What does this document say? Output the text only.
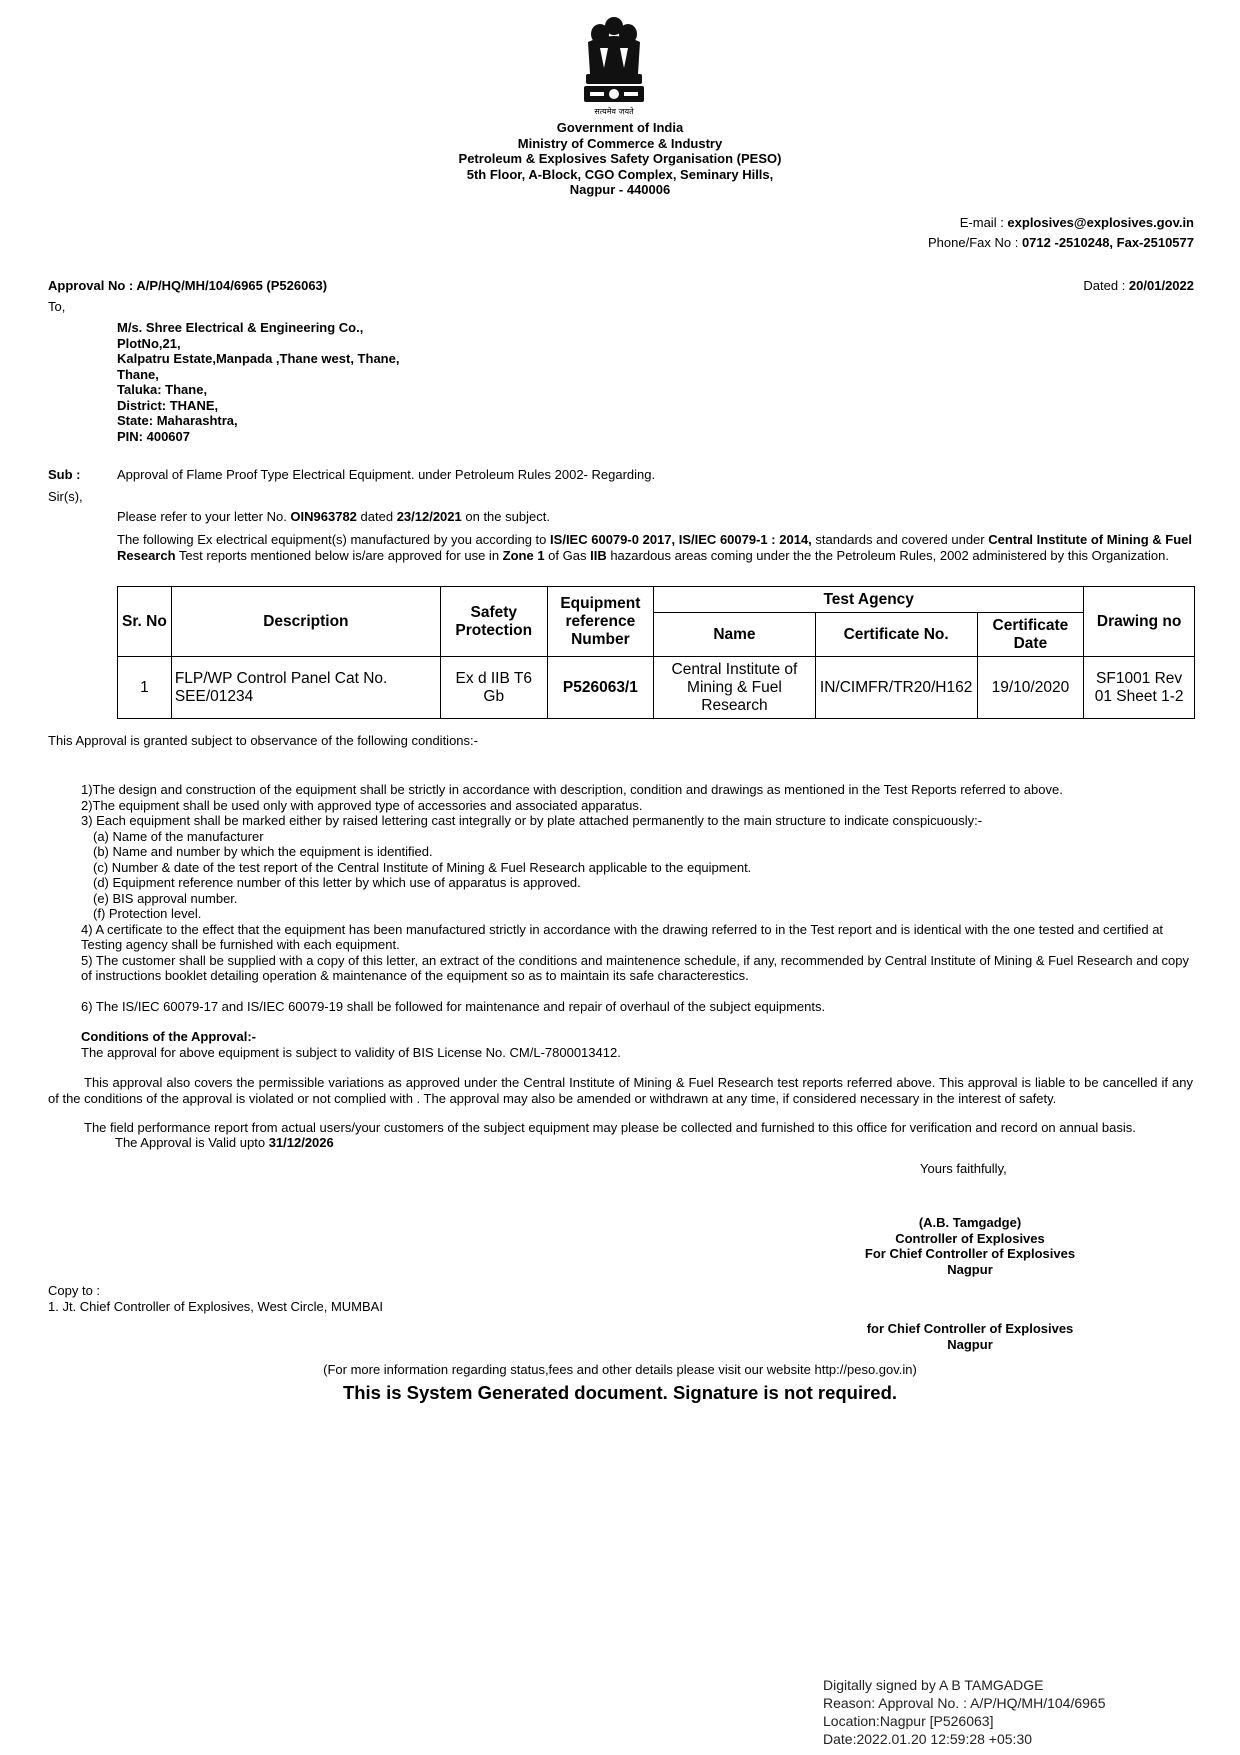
सत्यमेव जयते
Government of India
Ministry of Commerce & Industry
Petroleum & Explosives Safety Organisation (PESO)
5th Floor, A-Block, CGO Complex, Seminary Hills,
Nagpur - 440006
E-mail : explosives@explosives.gov.in
Phone/Fax No : 0712 -2510248, Fax-2510577
Approval No : A/P/HQ/MH/104/6965 (P526063)	Dated : 20/01/2022
To,
M/s. Shree Electrical & Engineering Co.,
PlotNo,21,
Kalpatru Estate,Manpada ,Thane west, Thane,
Thane,
Taluka: Thane,
District: THANE,
State: Maharashtra,
PIN: 400607
Sub :	Approval of Flame Proof Type Electrical Equipment. under Petroleum Rules 2002- Regarding.
Sir(s),
Please refer to your letter No. OIN963782 dated 23/12/2021 on the subject.
The following Ex electrical equipment(s) manufactured by you according to IS/IEC 60079-0 2017, IS/IEC 60079-1 : 2014, standards and covered under Central Institute of Mining & Fuel Research Test reports mentioned below is/are approved for use in Zone 1 of Gas IIB hazardous areas coming under the the Petroleum Rules, 2002 administered by this Organization.
Sr. No	Description	Safety Protection	Equipment reference Number	Test Agency			Drawing no
				Name	Certificate No.	Certificate Date	
1	FLP/WP Control Panel Cat No. SEE/01234	Ex d IIB T6 Gb	P526063/1	Central Institute of Mining & Fuel Research	IN/CIMFR/TR20/H162	19/10/2020	SF1001 Rev 01 Sheet 1-2
This Approval is granted subject to observance of the following conditions:-
1)The design and construction of the equipment shall be strictly in accordance with description, condition and drawings as mentioned in the Test Reports referred to above.
2)The equipment shall be used only with approved type of accessories and associated apparatus.
3) Each equipment shall be marked either by raised lettering cast integrally or by plate attached permanently to the main structure to indicate conspicuously:-
(a) Name of the manufacturer
(b) Name and number by which the equipment is identified.
(c) Number & date of the test report of the Central Institute of Mining & Fuel Research applicable to the equipment.
(d) Equipment reference number of this letter by which use of apparatus is approved.
(e) BIS approval number.
(f) Protection level.
4) A certificate to the effect that the equipment has been manufactured strictly in accordance with the drawing referred to in the Test report and is identical with the one tested and certified at Testing agency shall be furnished with each equipment.
5) The customer shall be supplied with a copy of this letter, an extract of the conditions and maintenence schedule, if any, recommended by Central Institute of Mining & Fuel Research and copy of instructions booklet detailing operation & maintenance of the equipment so as to maintain its safe characterestics.
6) The IS/IEC 60079-17 and IS/IEC 60079-19 shall be followed for maintenance and repair of overhaul of the subject equipments.
Conditions of the Approval:-
The approval for above equipment is subject to validity of BIS License No. CM/L-7800013412.
This approval also covers the permissible variations as approved under the Central Institute of Mining & Fuel Research test reports referred above. This approval is liable to be cancelled if any of the conditions of the approval is violated or not complied with . The approval may also be amended or withdrawn at any time, if considered necessary in the interest of safety.
The field performance report from actual users/your customers of the subject equipment may please be collected and furnished to this office for verification and record on annual basis.
The Approval is Valid upto 31/12/2026
Yours faithfully,
(A.B. Tamgadge)
Controller of Explosives
For Chief Controller of Explosives
Nagpur
Copy to :
1. Jt. Chief Controller of Explosives, West Circle, MUMBAI
for Chief Controller of Explosives
Nagpur
(For more information regarding status,fees and other details please visit our website http://peso.gov.in)
This is System Generated document. Signature is not required.
Digitally signed by A B TAMGADGE
Reason: Approval No. : A/P/HQ/MH/104/6965
Location:Nagpur [P526063]
Date:2022.01.20 12:59:28 +05:30
